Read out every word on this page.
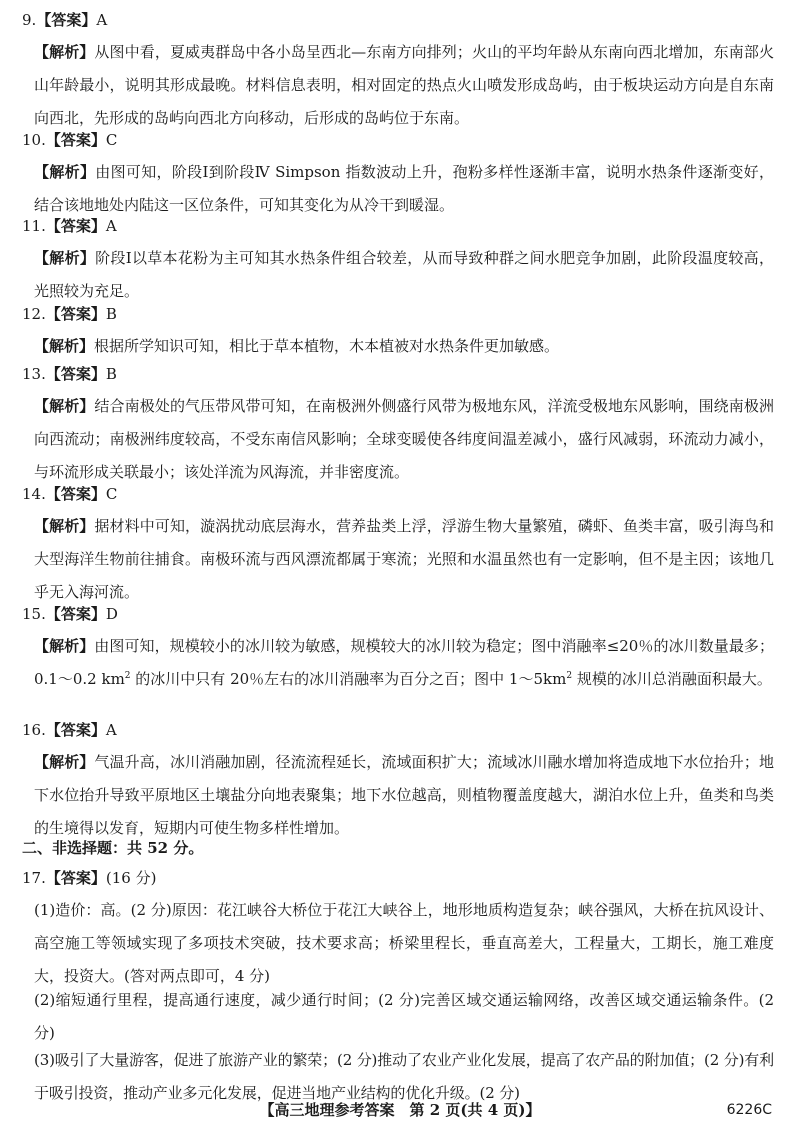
9.【答案】A
【解析】从图中看，夏威夷群岛中各小岛呈西北—东南方向排列；火山的平均年龄从东南向西北增加，东南部火山年龄最小，说明其形成最晚。材料信息表明，相对固定的热点火山喷发形成岛屿，由于板块运动方向是自东南向西北，先形成的岛屿向西北方向移动，后形成的岛屿位于东南。
10.【答案】C
【解析】由图可知，阶段Ⅰ到阶段Ⅳ Simpson 指数波动上升，孢粉多样性逐渐丰富，说明水热条件逐渐变好，结合该地地处内陆这一区位条件，可知其变化为从冷干到暖湿。
11.【答案】A
【解析】阶段Ⅰ以草本花粉为主可知其水热条件组合较差，从而导致种群之间水肥竞争加剧，此阶段温度较高，光照较为充足。
12.【答案】B
【解析】根据所学知识可知，相比于草本植物，木本植被对水热条件更加敏感。
13.【答案】B
【解析】结合南极处的气压带风带可知，在南极洲外侧盛行风带为极地东风，洋流受极地东风影响，围绕南极洲向西流动；南极洲纬度较高，不受东南信风影响；全球变暖使各纬度间温差减小，盛行风减弱，环流动力减小，与环流形成关联最小；该处洋流为风海流，并非密度流。
14.【答案】C
【解析】据材料中可知，漩涡扰动底层海水，营养盐类上浮，浮游生物大量繁殖，磷虾、鱼类丰富，吸引海鸟和大型海洋生物前往捕食。南极环流与西风漂流都属于寒流；光照和水温虽然也有一定影响，但不是主因；该地几乎无入海河流。
15.【答案】D
【解析】由图可知，规模较小的冰川较为敏感，规模较大的冰川较为稳定；图中消融率≤20％的冰川数量最多；0.1～0.2 $km^2$ 的冰川中只有 20％左右的冰川消融率为百分之百；图中 $1\sim 5km^2$ 规模的冰川总消融面积最大。
16.【答案】A
【解析】气温升高，冰川消融加剧，径流流程延长，流域面积扩大；流域冰川融水增加将造成地下水位抬升；地下水位抬升导致平原地区土壤盐分向地表聚集；地下水位越高，则植物覆盖度越大，湖泊水位上升，鱼类和鸟类的生境得以发育，短期内可使生物多样性增加。
二、非选择题：共 52 分。
17.【答案】(16 分)
(1)造价：高。(2 分)原因：花江峡谷大桥位于花江大峡谷上，地形地质构造复杂；峡谷强风，大桥在抗风设计、高空施工等领域实现了多项技术突破，技术要求高；桥梁里程长，垂直高差大，工程量大，工期长，施工难度大，投资大。(答对两点即可，4 分)
(2)缩短通行里程，提高通行速度，减少通行时间；(2 分)完善区域交通运输网络，改善区域交通运输条件。(2 分)
(3)吸引了大量游客，促进了旅游产业的繁荣；(2 分)推动了农业产业化发展，提高了农产品的附加值；(2 分)有利于吸引投资，推动产业多元化发展，促进当地产业结构的优化升级。(2 分)
【高三地理参考答案　第 2 页(共 4 页)】	6226C
